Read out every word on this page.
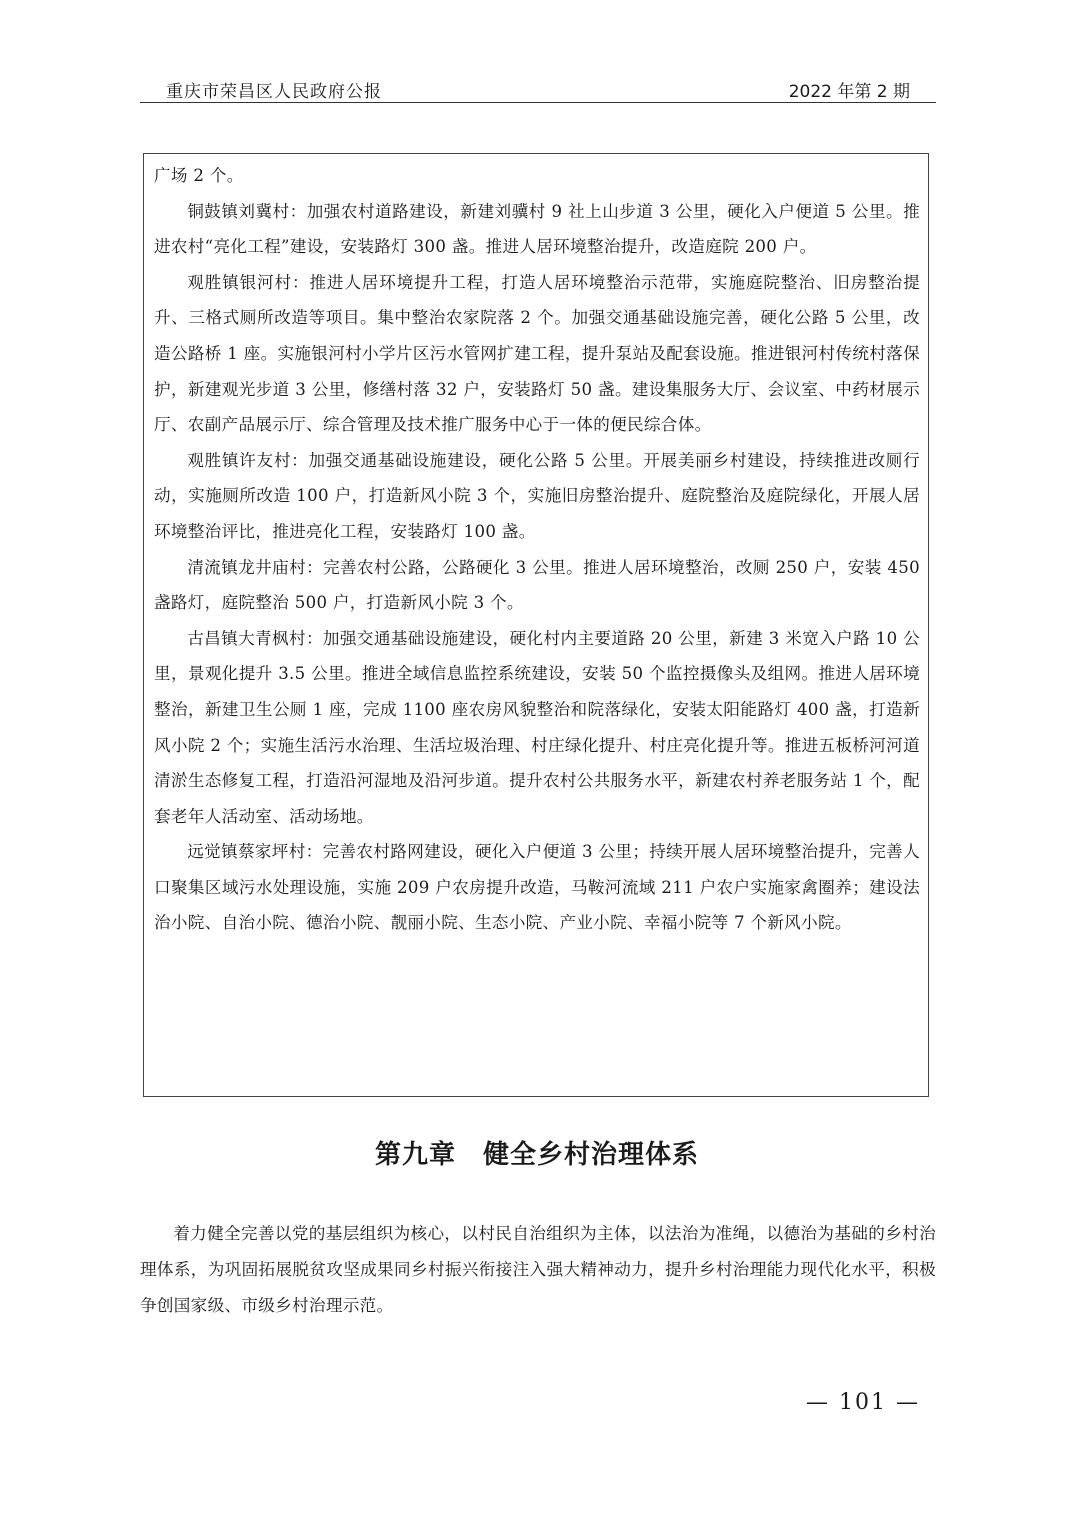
重庆市荣昌区人民政府公报	2022 年第 2 期

广场 2 个。

铜鼓镇刘冀村：加强农村道路建设，新建刘骥村 9 社上山步道 3 公里，硬化入户便道 5 公里。推进农村“亮化工程”建设，安装路灯 300 盏。推进人居环境整治提升，改造庭院 200 户。

观胜镇银河村：推进人居环境提升工程，打造人居环境整治示范带，实施庭院整治、旧房整治提升、三格式厕所改造等项目。集中整治农家院落 2 个。加强交通基础设施完善，硬化公路 5 公里，改造公路桥 1 座。实施银河村小学片区污水管网扩建工程，提升泵站及配套设施。推进银河村传统村落保护，新建观光步道 3 公里，修缮村落 32 户，安装路灯 50 盏。建设集服务大厅、会议室、中药材展示厅、农副产品展示厅、综合管理及技术推广服务中心于一体的便民综合体。

观胜镇许友村：加强交通基础设施建设，硬化公路 5 公里。开展美丽乡村建设，持续推进改厕行动，实施厕所改造 100 户，打造新风小院 3 个，实施旧房整治提升、庭院整治及庭院绿化，开展人居环境整治评比，推进亮化工程，安装路灯 100 盏。

清流镇龙井庙村：完善农村公路，公路硬化 3 公里。推进人居环境整治，改厕 250 户，安装 450 盏路灯，庭院整治 500 户，打造新风小院 3 个。

古昌镇大青枫村：加强交通基础设施建设，硬化村内主要道路 20 公里，新建 3 米宽入户路 10 公里，景观化提升 3.5 公里。推进全域信息监控系统建设，安装 50 个监控摄像头及组网。推进人居环境整治，新建卫生公厕 1 座，完成 1100 座农房风貌整治和院落绿化，安装太阳能路灯 400 盏，打造新风小院 2 个；实施生活污水治理、生活垃圾治理、村庄绿化提升、村庄亮化提升等。推进五板桥河河道清淤生态修复工程，打造沿河湿地及沿河步道。提升农村公共服务水平，新建农村养老服务站 1 个，配套老年人活动室、活动场地。

远觉镇蔡家坪村：完善农村路网建设，硬化入户便道 3 公里；持续开展人居环境整治提升，完善人口聚集区域污水处理设施，实施 209 户农房提升改造，马鞍河流域 211 户农户实施家禽圈养；建设法治小院、自治小院、德治小院、靓丽小院、生态小院、产业小院、幸福小院等 7 个新风小院。

第九章　健全乡村治理体系

着力健全完善以党的基层组织为核心，以村民自治组织为主体，以法治为准绳，以德治为基础的乡村治理体系，为巩固拓展脱贫攻坚成果同乡村振兴衔接注入强大精神动力，提升乡村治理能力现代化水平，积极争创国家级、市级乡村治理示范。

— 101 —
